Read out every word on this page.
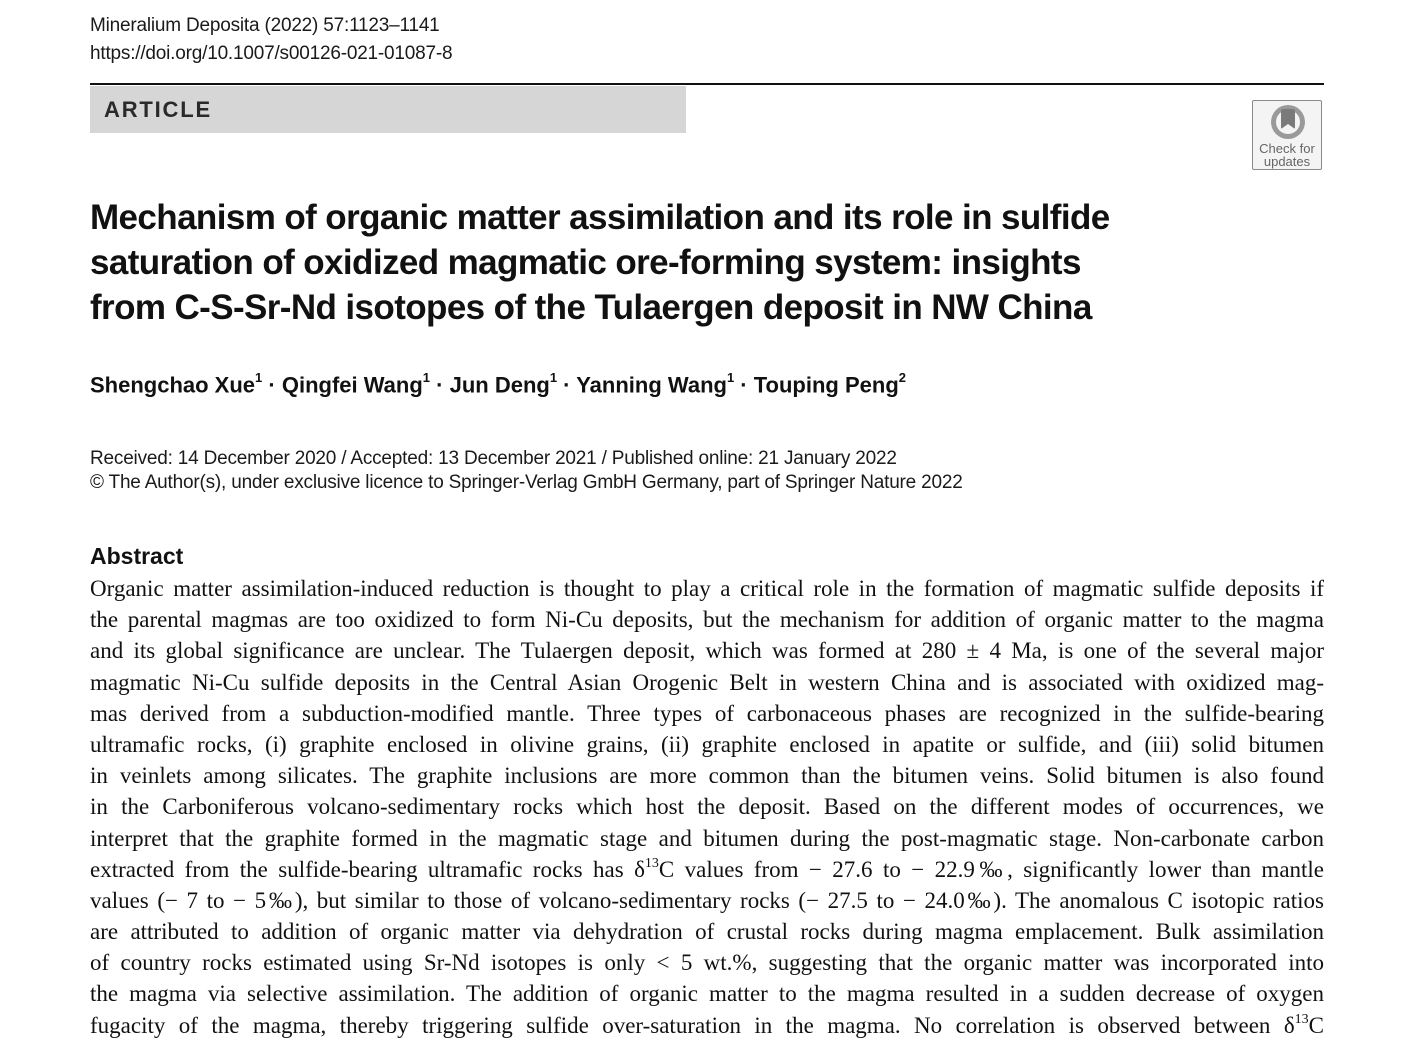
Mineralium Deposita (2022) 57:1123–1141
https://doi.org/10.1007/s00126-021-01087-8
ARTICLE
Check for
updates
Mechanism of organic matter assimilation and its role in sulfide
saturation of oxidized magmatic ore-forming system: insights
from C-S-Sr-Nd isotopes of the Tulaergen deposit in NW China
Shengchao Xue$^1$ · Qingfei Wang$^1$ · Jun Deng$^1$ · Yanning Wang$^1$ · Touping Peng$^2$
Received: 14 December 2020 / Accepted: 13 December 2021 / Published online: 21 January 2022
© The Author(s), under exclusive licence to Springer-Verlag GmbH Germany, part of Springer Nature 2022
Abstract
Organic matter assimilation-induced reduction is thought to play a critical role in the formation of magmatic sulfide deposits if
the parental magmas are too oxidized to form Ni-Cu deposits, but the mechanism for addition of organic matter to the magma
and its global significance are unclear. The Tulaergen deposit, which was formed at 280 ± 4 Ma, is one of the several major
magmatic Ni-Cu sulfide deposits in the Central Asian Orogenic Belt in western China and is associated with oxidized mag-
mas derived from a subduction-modified mantle. Three types of carbonaceous phases are recognized in the sulfide-bearing
ultramafic rocks, (i) graphite enclosed in olivine grains, (ii) graphite enclosed in apatite or sulfide, and (iii) solid bitumen
in veinlets among silicates. The graphite inclusions are more common than the bitumen veins. Solid bitumen is also found
in the Carboniferous volcano-sedimentary rocks which host the deposit. Based on the different modes of occurrences, we
interpret that the graphite formed in the magmatic stage and bitumen during the post-magmatic stage. Non-carbonate carbon
extracted from the sulfide-bearing ultramafic rocks has $\delta^{13}C$ values from − 27.6 to − 22.9‰, significantly lower than mantle
values (− 7 to − 5‰), but similar to those of volcano-sedimentary rocks (− 27.5 to − 24.0‰). The anomalous C isotopic ratios
are attributed to addition of organic matter via dehydration of crustal rocks during magma emplacement. Bulk assimilation
of country rocks estimated using Sr-Nd isotopes is only < 5 wt.%, suggesting that the organic matter was incorporated into
the magma via selective assimilation. The addition of organic matter to the magma resulted in a sudden decrease of oxygen
fugacity of the magma, thereby triggering sulfide over-saturation in the magma. No correlation is observed between $\delta^{13}C$
